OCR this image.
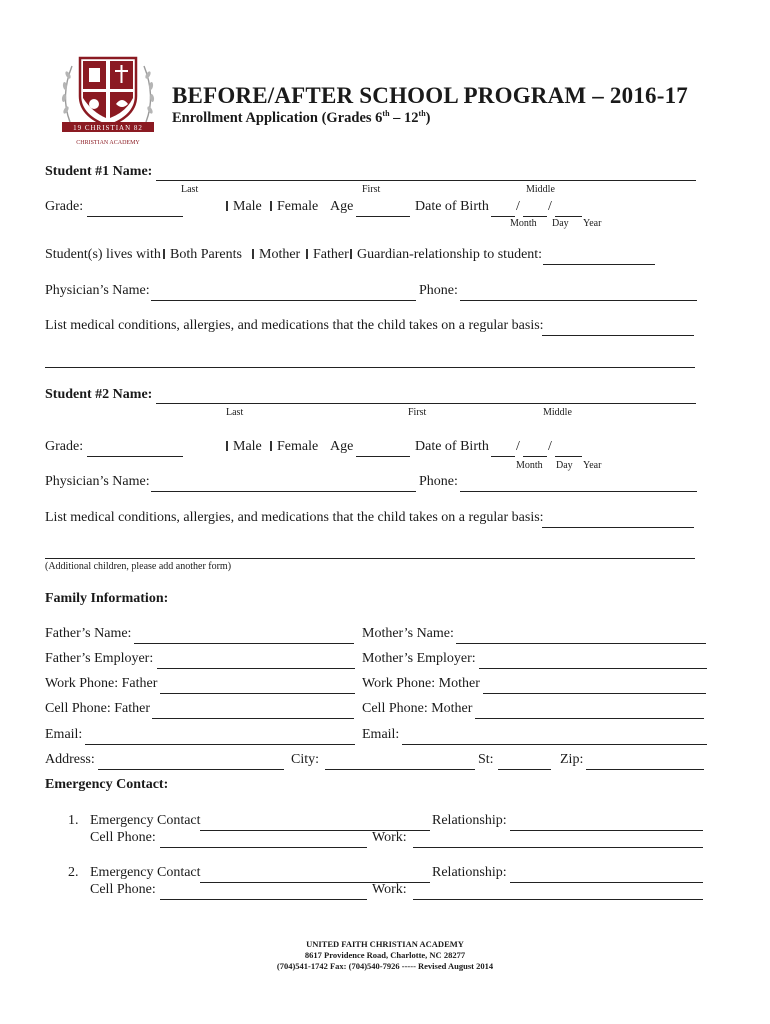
19 CHRISTIAN 82
CHRISTIAN ACADEMY
BEFORE/AFTER SCHOOL PROGRAM – 2016-17
Enrollment Application (Grades 6th – 12th)
Student #1 Name:
Last	First	Middle
Grade:	Male	Female Age	Date of Birth / /
Month Day Year
Student(s) lives with Both Parents	Mother Father Guardian-relationship to student:
Physician’s Name:	Phone:
List medical conditions, allergies, and medications that the child takes on a regular basis:
Student #2 Name:
Last	First	Middle
Grade:	Male	Female Age	Date of Birth / /
Month Day Year
Physician’s Name:	Phone:
List medical conditions, allergies, and medications that the child takes on a regular basis:
(Additional children, please add another form)
Family Information:
Father’s Name:	Mother’s Name:
Father’s Employer:	Mother’s Employer:
Work Phone: Father	Work Phone: Mother
Cell Phone: Father	Cell Phone: Mother
Email:	Email:
Address:	City:	St:	Zip:
Emergency Contact:
1. Emergency Contact	Relationship:
Cell Phone:	Work:
2. Emergency Contact	Relationship:
Cell Phone:	Work:
UNITED FAITH CHRISTIAN ACADEMY
8617 Providence Road, Charlotte, NC 28277
(704)541-1742 Fax: (704)540-7926 ----- Revised August 2014
